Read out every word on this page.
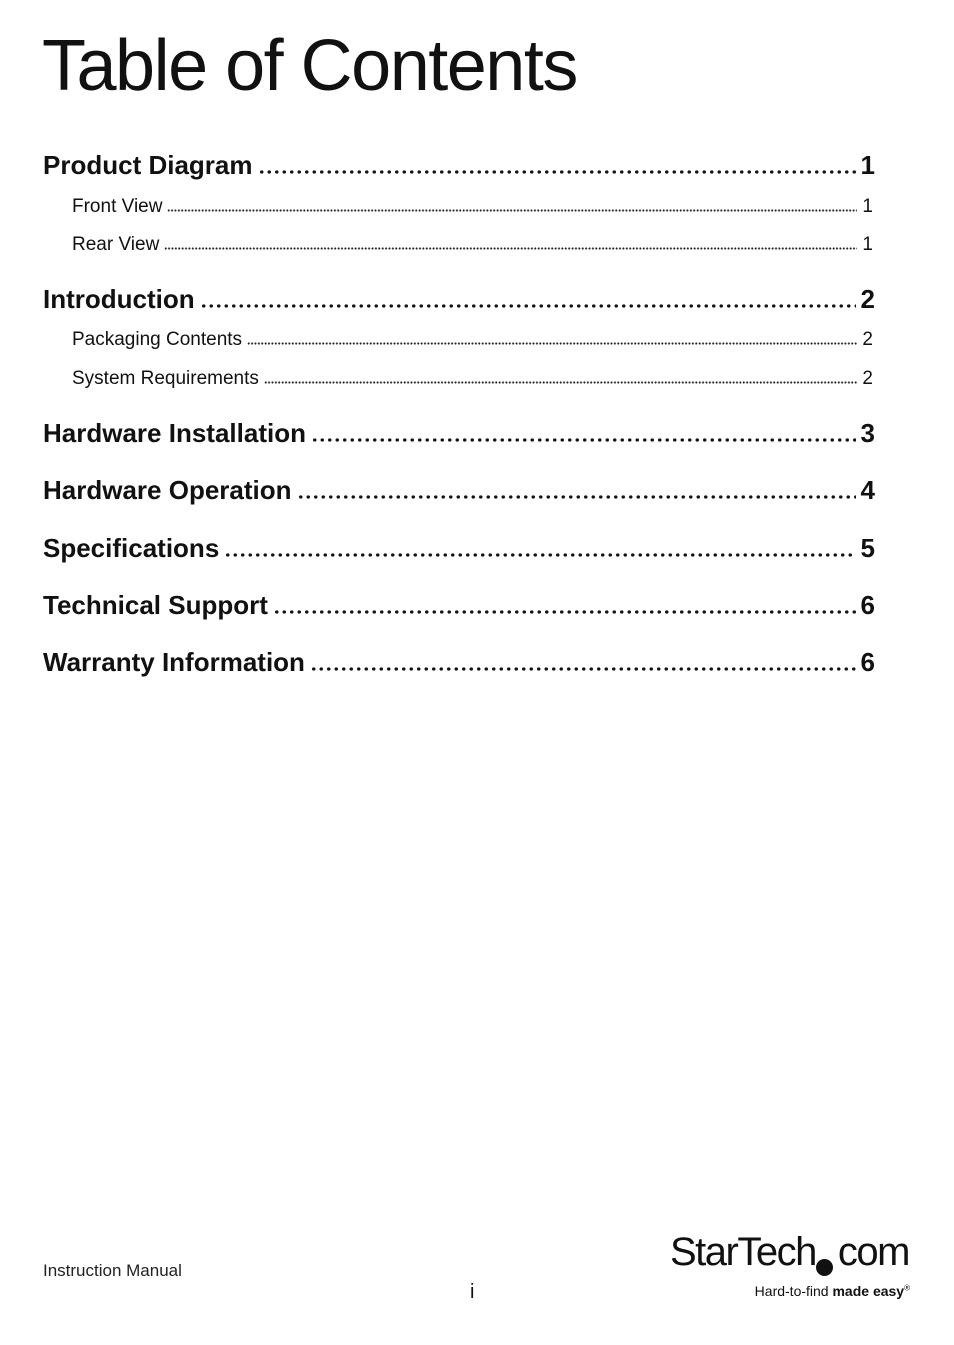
Table of Contents
Product Diagram	1
Front View	1
Rear View	1
Introduction	2
Packaging Contents	2
System Requirements	2
Hardware Installation	3
Hardware Operation	4
Specifications	5
Technical Support	6
Warranty Information	6
Instruction Manual
i
StarTech com
Hard-to-find made easy®
